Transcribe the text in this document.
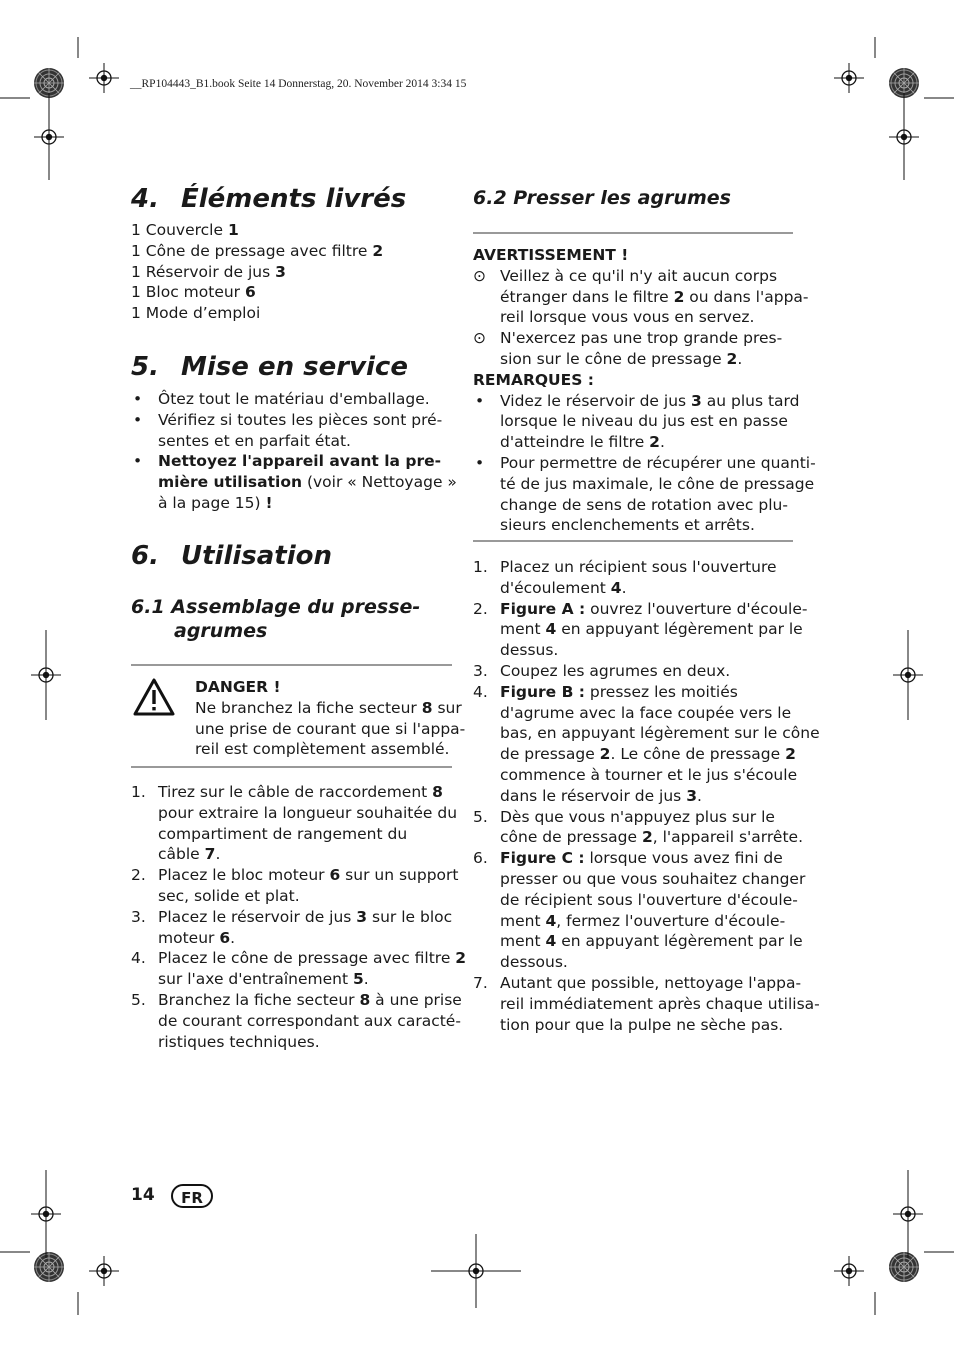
__RP104443_B1.book Seite 14 Donnerstag, 20. November 2014 3:34 15
4. Éléments livrés
1 Couvercle 1
1 Cône de pressage avec filtre 2
1 Réservoir de jus 3
1 Bloc moteur 6
1 Mode d’emploi
5. Mise en service
• Ôtez tout le matériau d'emballage.
• Vérifiez si toutes les pièces sont pré-
sentes et en parfait état.
• Nettoyez l'appareil avant la pre-
mière utilisation (voir « Nettoyage »
à la page 15) !
6. Utilisation
6.1 Assemblage du presse-
agrumes
DANGER !
Ne branchez la fiche secteur 8 sur
une prise de courant que si l'appa-
reil est complètement assemblé.
1. Tirez sur le câble de raccordement 8
pour extraire la longueur souhaitée du
compartiment de rangement du
câble 7.
2. Placez le bloc moteur 6 sur un support
sec, solide et plat.
3. Placez le réservoir de jus 3 sur le bloc
moteur 6.
4. Placez le cône de pressage avec filtre 2
sur l'axe d'entraînement 5.
5. Branchez la fiche secteur 8 à une prise
de courant correspondant aux caracté-
ristiques techniques.
6.2 Presser les agrumes
AVERTISSEMENT !
⊙ Veillez à ce qu'il n'y ait aucun corps
étranger dans le filtre 2 ou dans l'appa-
reil lorsque vous vous en servez.
⊙ N'exercez pas une trop grande pres-
sion sur le cône de pressage 2.
REMARQUES :
• Videz le réservoir de jus 3 au plus tard
lorsque le niveau du jus est en passe
d'atteindre le filtre 2.
• Pour permettre de récupérer une quanti-
té de jus maximale, le cône de pressage
change de sens de rotation avec plu-
sieurs enclenchements et arrêts.
1. Placez un récipient sous l'ouverture
d'écoulement 4.
2. Figure A : ouvrez l'ouverture d'écoule-
ment 4 en appuyant légèrement par le
dessus.
3. Coupez les agrumes en deux.
4. Figure B : pressez les moitiés
d'agrume avec la face coupée vers le
bas, en appuyant légèrement sur le cône
de pressage 2. Le cône de pressage 2
commence à tourner et le jus s'écoule
dans le réservoir de jus 3.
5. Dès que vous n'appuyez plus sur le
cône de pressage 2, l'appareil s'arrête.
6. Figure C : lorsque vous avez fini de
presser ou que vous souhaitez changer
de récipient sous l'ouverture d'écoule-
ment 4, fermez l'ouverture d'écoule-
ment 4 en appuyant légèrement par le
dessous.
7. Autant que possible, nettoyage l'appa-
reil immédiatement après chaque utilisa-
tion pour que la pulpe ne sèche pas.
14	FR
